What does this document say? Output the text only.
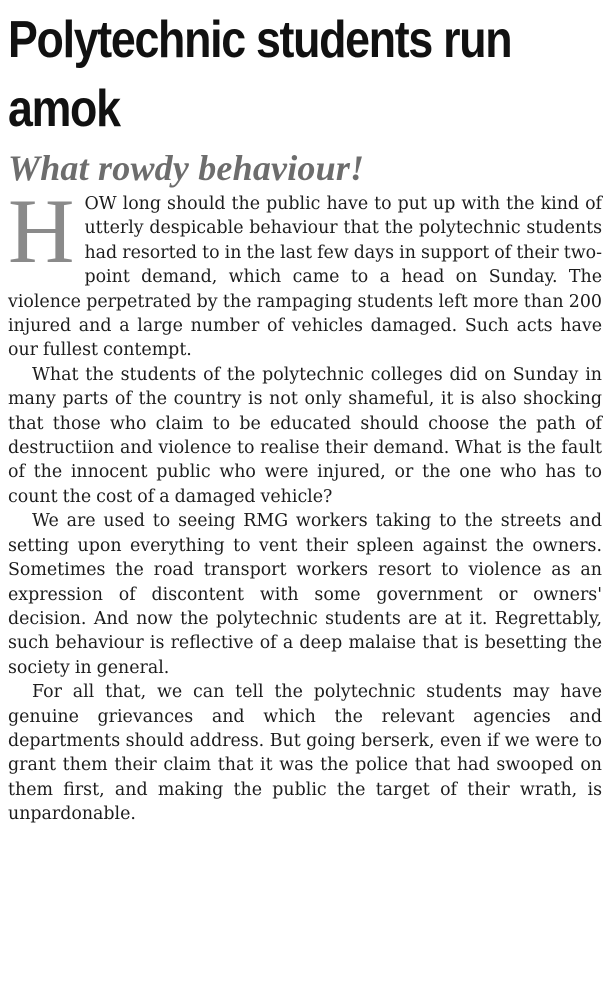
Polytechnic students run amok
What rowdy behaviour!

HOW long should the public have to put up with the kind of utterly despicable behaviour that the polytechnic students had resorted to in the last few days in support of their two-point demand, which came to a head on Sunday. The violence perpetrated by the rampaging students left more than 200 injured and a large number of vehicles damaged. Such acts have our fullest contempt.

What the students of the polytechnic colleges did on Sunday in many parts of the country is not only shameful, it is also shocking that those who claim to be educated should choose the path of destructiion and violence to realise their demand. What is the fault of the innocent public who were injured, or the one who has to count the cost of a damaged vehicle?

We are used to seeing RMG workers taking to the streets and setting upon everything to vent their spleen against the owners. Sometimes the road transport workers resort to violence as an expression of discontent with some government or owners' decision. And now the polytechnic students are at it. Regrettably, such behaviour is reflective of a deep malaise that is besetting the society in general.

For all that, we can tell the polytechnic students may have genuine grievances and which the relevant agencies and departments should address. But going berserk, even if we were to grant them their claim that it was the police that had swooped on them first, and making the public the target of their wrath, is unpardonable.
